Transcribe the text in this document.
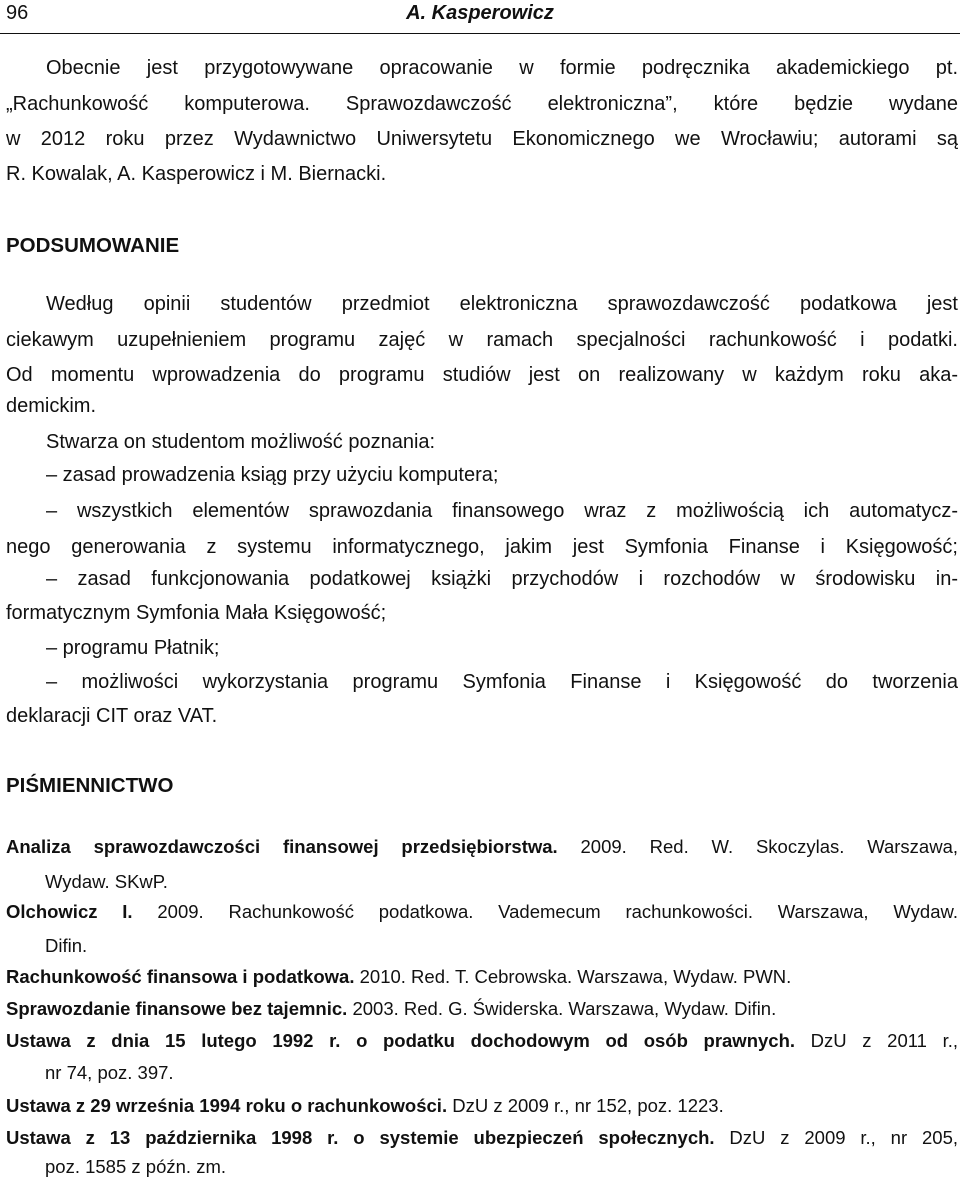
96	A. Kasperowicz
Obecnie jest przygotowywane opracowanie w formie podręcznika akademickiego pt.
„Rachunkowość komputerowa. Sprawozdawczość elektroniczna”, które będzie wydane
w 2012 roku przez Wydawnictwo Uniwersytetu Ekonomicznego we Wrocławiu; autorami są
R. Kowalak, A. Kasperowicz i M. Biernacki.
PODSUMOWANIE
Według opinii studentów przedmiot elektroniczna sprawozdawczość podatkowa jest
ciekawym uzupełnieniem programu zajęć w ramach specjalności rachunkowość i podatki.
Od momentu wprowadzenia do programu studiów jest on realizowany w każdym roku aka-
demickim.
Stwarza on studentom możliwość poznania:
– zasad prowadzenia ksiąg przy użyciu komputera;
– wszystkich elementów sprawozdania finansowego wraz z możliwością ich automatycz-
nego generowania z systemu informatycznego, jakim jest Symfonia Finanse i Księgowość;
– zasad funkcjonowania podatkowej książki przychodów i rozchodów w środowisku in-
formatycznym Symfonia Mała Księgowość;
– programu Płatnik;
– możliwości wykorzystania programu Symfonia Finanse i Księgowość do tworzenia
deklaracji CIT oraz VAT.
PIŚMIENNICTWO
Analiza sprawozdawczości finansowej przedsiębiorstwa. 2009. Red. W. Skoczylas. Warszawa,
Wydaw. SKwP.
Olchowicz I. 2009. Rachunkowość podatkowa. Vademecum rachunkowości. Warszawa, Wydaw.
Difin.
Rachunkowość finansowa i podatkowa. 2010. Red. T. Cebrowska. Warszawa, Wydaw. PWN.
Sprawozdanie finansowe bez tajemnic. 2003. Red. G. Świderska. Warszawa, Wydaw. Difin.
Ustawa z dnia 15 lutego 1992 r. o podatku dochodowym od osób prawnych. DzU z 2011 r.,
nr 74, poz. 397.
Ustawa z 29 września 1994 roku o rachunkowości. DzU z 2009 r., nr 152, poz. 1223.
Ustawa z 13 października 1998 r. o systemie ubezpieczeń społecznych. DzU z 2009 r., nr 205,
poz. 1585 z późn. zm.
